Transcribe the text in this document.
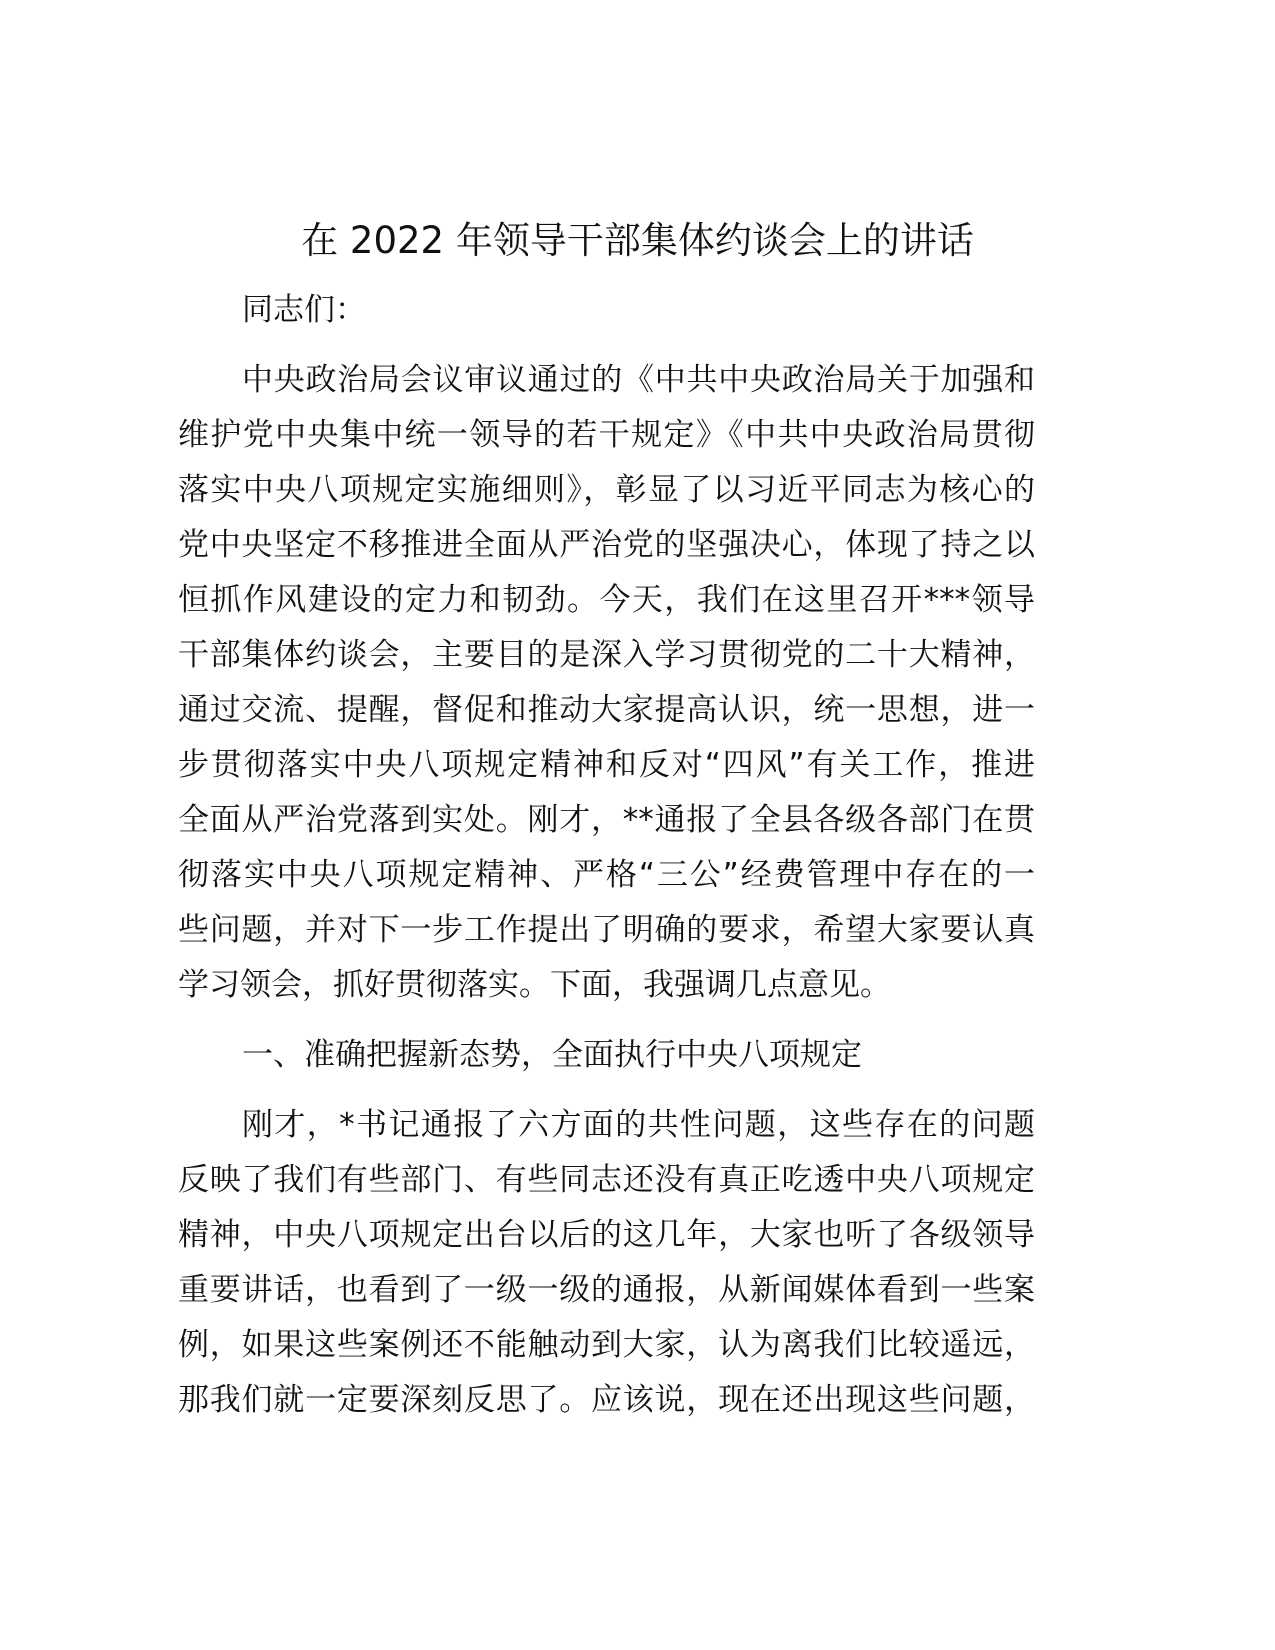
在 2022 年领导干部集体约谈会上的讲话
同志们：
中央政治局会议审议通过的《中共中央政治局关于加强和
维护党中央集中统一领导的若干规定》《中共中央政治局贯彻
落实中央八项规定实施细则》，彰显了以习近平同志为核心的
党中央坚定不移推进全面从严治党的坚强决心，体现了持之以
恒抓作风建设的定力和韧劲。今天，我们在这里召开***领导
干部集体约谈会，主要目的是深入学习贯彻党的二十大精神，
通过交流、提醒，督促和推动大家提高认识，统一思想，进一
步贯彻落实中央八项规定精神和反对“四风”有关工作，推进
全面从严治党落到实处。刚才，**通报了全县各级各部门在贯
彻落实中央八项规定精神、严格“三公”经费管理中存在的一
些问题，并对下一步工作提出了明确的要求，希望大家要认真
学习领会，抓好贯彻落实。下面，我强调几点意见。
一、准确把握新态势，全面执行中央八项规定
刚才，*书记通报了六方面的共性问题，这些存在的问题
反映了我们有些部门、有些同志还没有真正吃透中央八项规定
精神，中央八项规定出台以后的这几年，大家也听了各级领导
重要讲话，也看到了一级一级的通报，从新闻媒体看到一些案
例，如果这些案例还不能触动到大家，认为离我们比较遥远，
那我们就一定要深刻反思了。应该说，现在还出现这些问题，
